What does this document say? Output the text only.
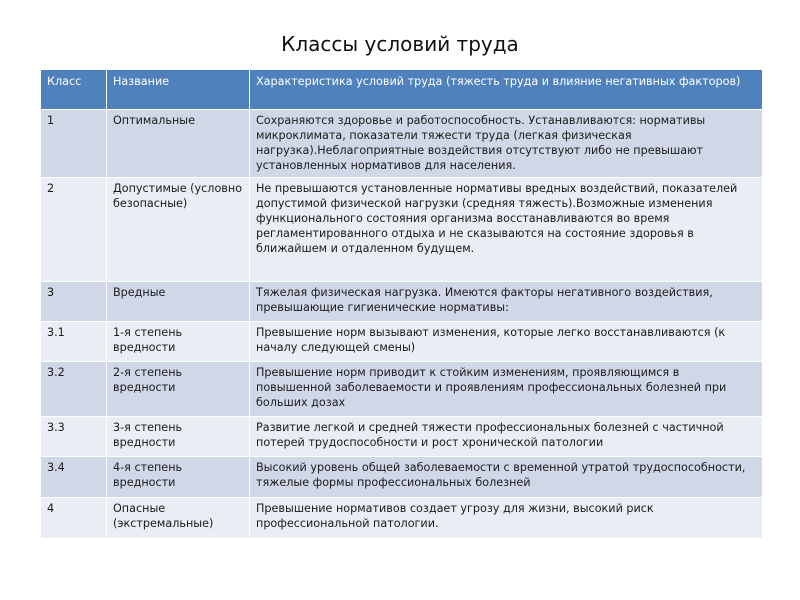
Классы условий труда
Класс	Название	Характеристика условий труда (тяжесть труда и влияние негативных факторов)
1	Оптимальные	Сохраняются здоровье и работоспособность. Устанавливаются: нормативы микроклимата, показатели тяжести труда (легкая физическая нагрузка).Неблагоприятные воздействия отсутствуют либо не превышают установленных нормативов для населения.
2	Допустимые (условно безопасные)	Не превышаются установленные нормативы вредных воздействий, показателей допустимой физической нагрузки (средняя тяжесть).Возможные изменения функционального состояния организма восстанавливаются во время регламентированного отдыха и не сказываются на состояние здоровья в ближайшем и отдаленном будущем.
3	Вредные	Тяжелая физическая нагрузка. Имеются факторы негативного воздействия, превышающие гигиенические нормативы:
3.1	1-я степень вредности	Превышение норм вызывают изменения, которые легко восстанавливаются (к началу следующей смены)
3.2	2-я степень вредности	Превышение норм приводит к стойким изменениям, проявляющимся в повышенной заболеваемости и проявлениям профессиональных болезней при больших дозах
3.3	3-я степень вредности	Развитие легкой и средней тяжести профессиональных болезней с частичной потерей трудоспособности и рост хронической патологии
3.4	4-я степень вредности	Высокий уровень общей заболеваемости с временной утратой трудоспособности, тяжелые формы профессиональных болезней
4	Опасные (экстремальные)	Превышение нормативов создает угрозу для жизни, высокий риск профессиональной патологии.
